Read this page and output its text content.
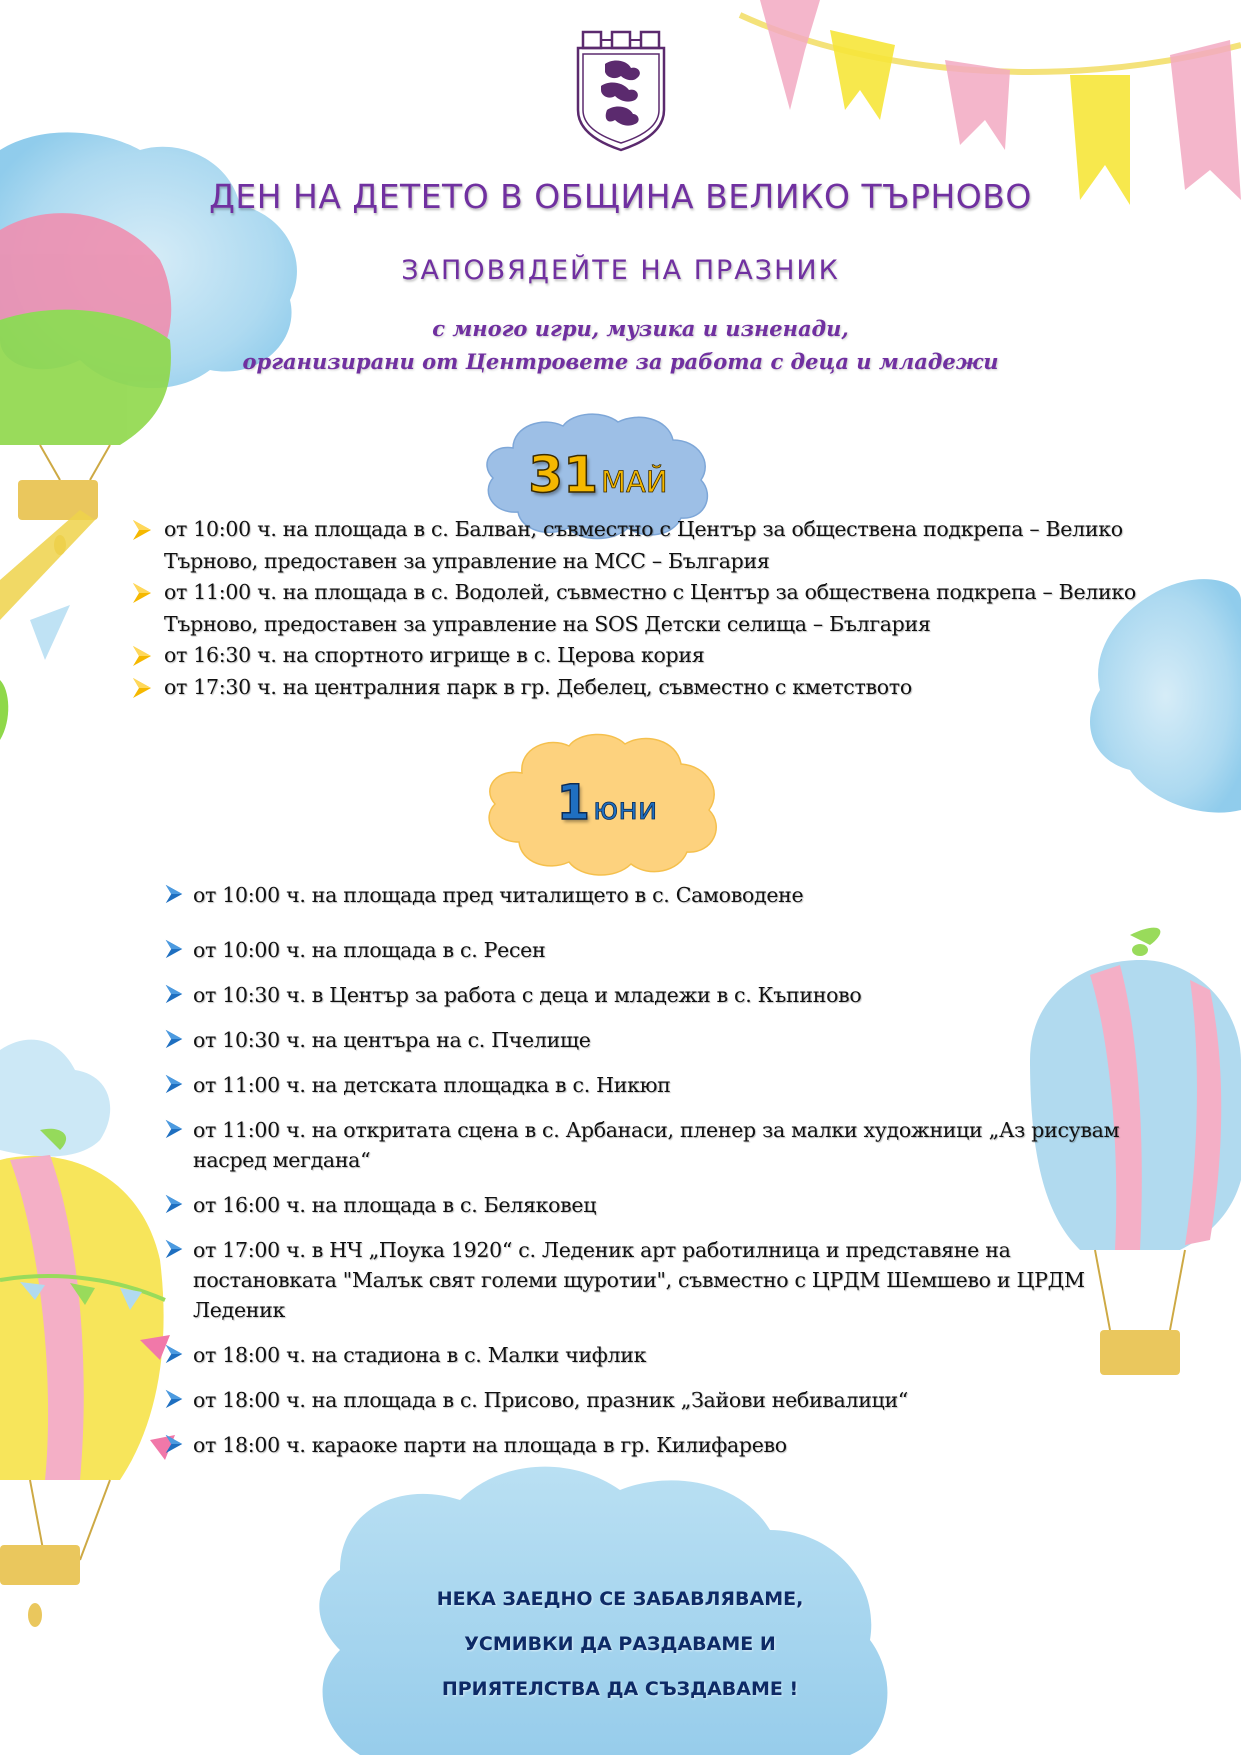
ДЕН НА ДЕТЕТО В ОБЩИНА ВЕЛИКО ТЪРНОВО
ЗАПОВЯДЕЙТЕ НА ПРАЗНИК
с много игри, музика и изненади,
организирани от Центровете за работа с деца и младежи
31 МАЙ
от 10:00 ч. на площада в с. Балван, съвместно с Център за обществена подкрепа – Велико Търново, предоставен за управление на МСС – България
от 11:00 ч. на площада в с. Водолей, съвместно с Център за обществена подкрепа – Велико Търново, предоставен за управление на SOS Детски селища – България
от 16:30 ч. на спортното игрище в с. Церова кория
от 17:30 ч. на централния парк в гр. Дебелец, съвместно с кметството
1 юни
от 10:00 ч. на площада пред читалището в с. Самоводене
от 10:00 ч. на площада в с. Ресен
от 10:30 ч. в Център за работа с деца и младежи в с. Къпиново
от 10:30 ч. на центъра на с. Пчелище
от 11:00 ч. на детската площадка в с. Никюп
от 11:00 ч. на откритата сцена в с. Арбанаси, пленер за малки художници „Аз рисувам насред мегдана“
от 16:00 ч. на площада в с. Беляковец
от 17:00 ч. в НЧ „Поука 1920“ с. Леденик арт работилница и представяне на постановката "Малък свят големи щуротии", съвместно с ЦРДМ Шемшево и ЦРДМ Леденик
от 18:00 ч. на стадиона в с. Малки чифлик
от 18:00 ч. на площада в с. Присово, празник „Зайови небивалици“
от 18:00 ч. караоке парти на площада в гр. Килифарево
НЕКА ЗАЕДНО СЕ ЗАБАВЛЯВАМЕ,
УСМИВКИ ДА РАЗДАВАМЕ И
ПРИЯТЕЛСТВА ДА СЪЗДАВАМЕ !
